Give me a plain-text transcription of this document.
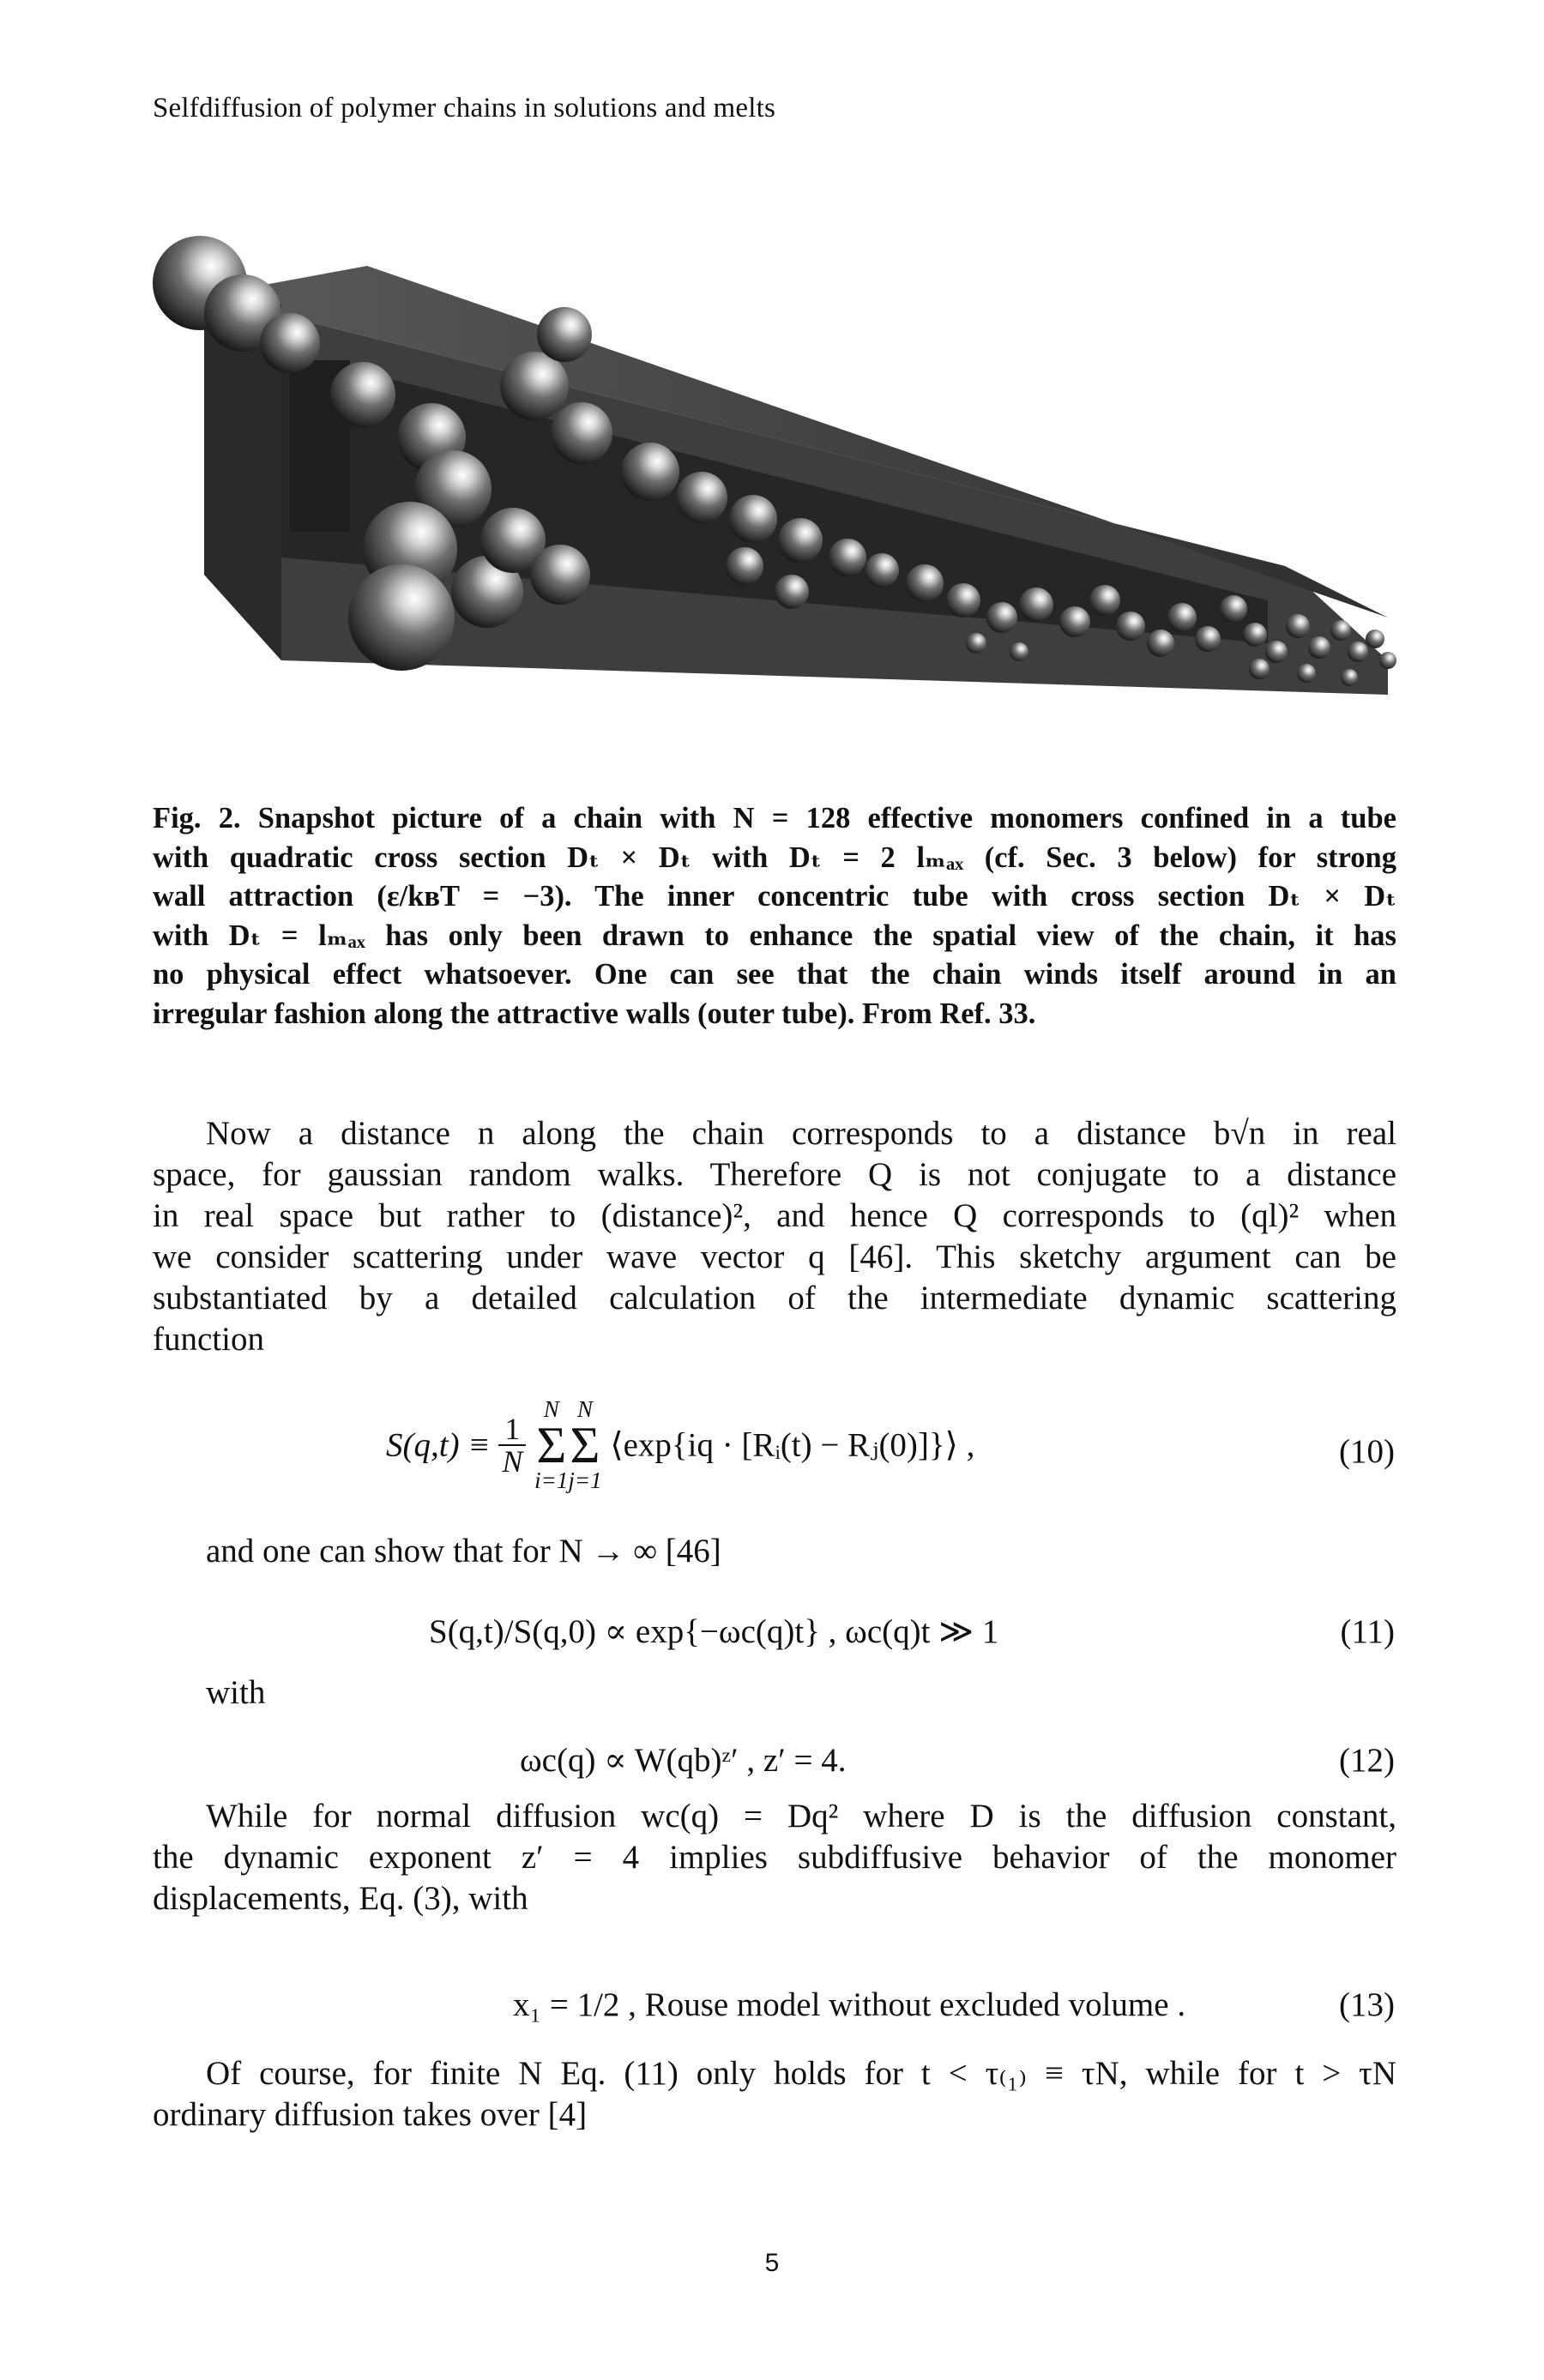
Selfdiffusion of polymer chains in solutions and melts
Fig. 2. Snapshot picture of a chain with N = 128 effective monomers confined in a tube
with quadratic cross section Dₜ × Dₜ with Dₜ = 2 lₘₐₓ (cf. Sec. 3 below) for strong
wall attraction (ε/kʙT = −3). The inner concentric tube with cross section Dₜ × Dₜ
with Dₜ = lₘₐₓ has only been drawn to enhance the spatial view of the chain, it has
no physical effect whatsoever. One can see that the chain winds itself around in an
irregular fashion along the attractive walls (outer tube). From Ref. 33.
Now a distance n along the chain corresponds to a distance b√n in real
space, for gaussian random walks. Therefore Q is not conjugate to a distance
in real space but rather to (distance)², and hence Q corresponds to (ql)² when
we consider scattering under wave vector q [46]. This sketchy argument can be
substantiated by a detailed calculation of the intermediate dynamic scattering
function
$S(q,t) \equiv \frac{1}{N}$

N
Σ
i=1
N
Σ
j=1
⟨exp{iq · [Rᵢ(t) − Rⱼ(0)]}⟩ ,	(10)
and one can show that for N → ∞ [46]
S(q,t)/S(q,0) ∝ exp{−ωc(q)t} , ωc(q)t ≫ 1	(11)
with
ωc(q) ∝ W(qb)ᶻ′ , z′ = 4.	(12)
While for normal diffusion wc(q) = Dq² where D is the diffusion constant,
the dynamic exponent z′ = 4 implies subdiffusive behavior of the monomer
displacements, Eq. (3), with
x₁ = 1/2 , Rouse model without excluded volume .	(13)
Of course, for finite N Eq. (11) only holds for t < τ₍₁₎ ≡ τN, while for t > τN
ordinary diffusion takes over [4]
5
